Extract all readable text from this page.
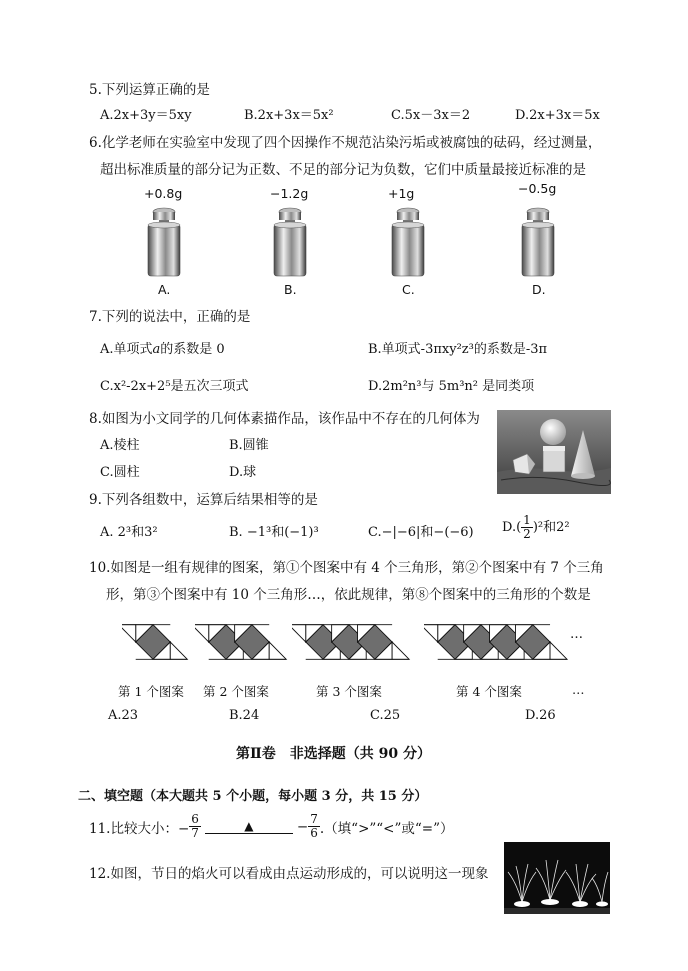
5.下列运算正确的是
A.2x+3y＝5xy	B.2x+3x＝5x²	C.5x－3x＝2	D.2x+3x＝5x
6.化学老师在实验室中发现了四个因操作不规范沾染污垢或被腐蚀的砝码，经过测量，
超出标准质量的部分记为正数、不足的部分记为负数，它们中质量最接近标准的是
+0.8g
A.
−1.2g
B.
+1g
C.
−0.5g
D.
7.下列的说法中，正确的是
A.单项式a的系数是 0	B.单项式-3πxy²z³的系数是-3π
C.x²-2x+2⁵是五次三项式	D.2m²n³与 5m³n² 是同类项
8.如图为小文同学的几何体素描作品，该作品中不存在的几何体为
A.棱柱	B.圆锥
C.圆柱	D.球
9.下列各组数中，运算后结果相等的是
A. 2³和3²	B. −1³和(−1)³	C.−|−6|和−(−6) $D.( \frac{1}{2} )^2$和2²
10.如图是一组有规律的图案，第①个图案中有 4 个三角形，第②个图案中有 7 个三角
形，第③个图案中有 10 个三角形…，依此规律，第⑧个图案中的三角形的个数是
…
第 1 个图案 第 2 个图案	第 3 个图案	第 4 个图案	…
A.23	B.24	C.25	D.26
第Ⅱ卷　非选择题（共 90 分）
二、填空题（本大题共 5 个小题，每小题 3 分，共 15 分）
11.比较大小：− $\frac{6}{7}$	▲	− $\frac{7}{6}$ .（填“>”“<”或“=”）
12.如图，节日的焰火可以看成由点运动形成的，可以说明这一现象
